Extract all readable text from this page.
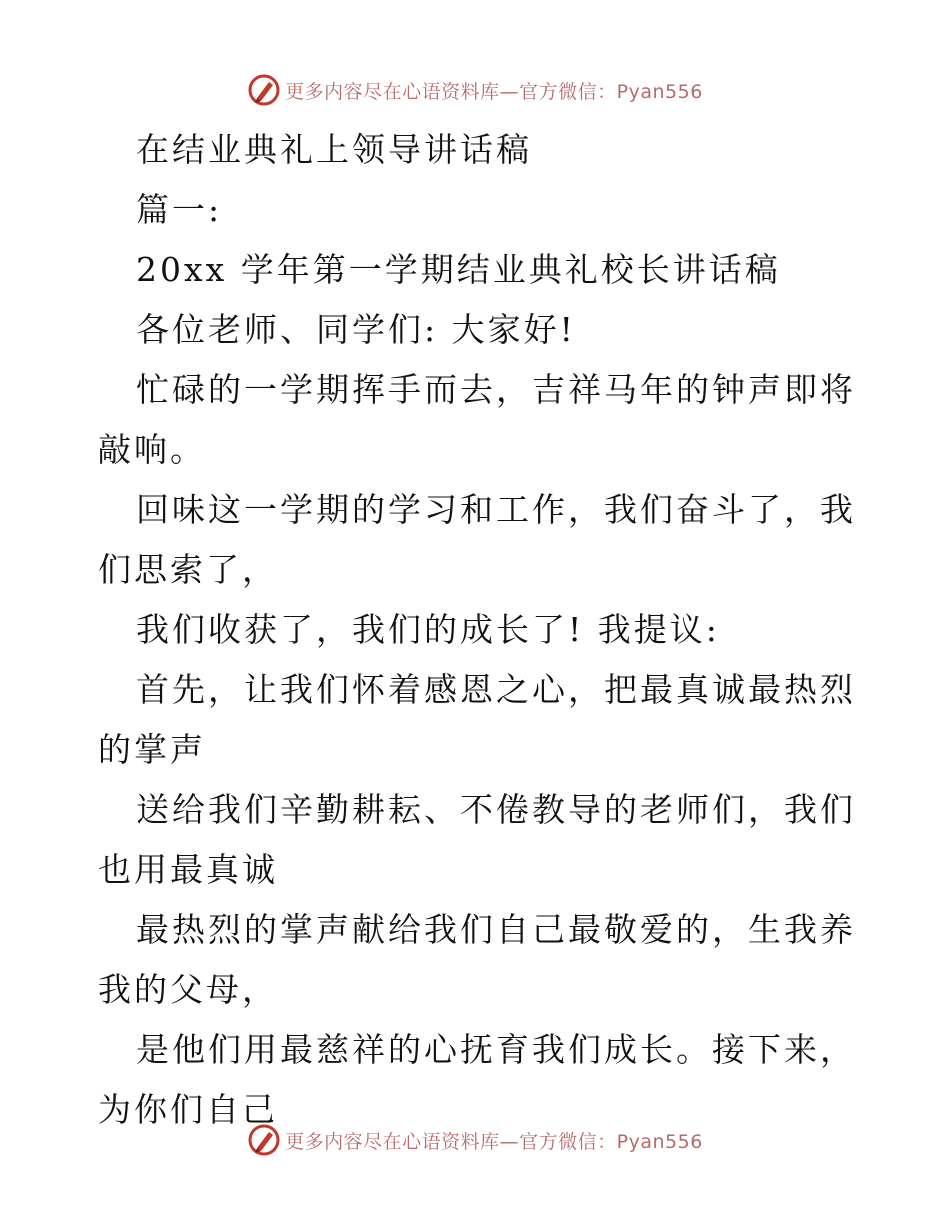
更多内容尽在心语资料库—官方微信：Pyan556

在结业典礼上领导讲话稿

篇一:

20xx 学年第一学期结业典礼校长讲话稿

各位老师、同学们: 大家好!

忙碌的一学期挥手而去，吉祥马年的钟声即将敲响。

回味这一学期的学习和工作，我们奋斗了，我们思索了，

我们收获了，我们的成长了! 我提议:

首先，让我们怀着感恩之心，把最真诚最热烈的掌声

送给我们辛勤耕耘、不倦教导的老师们，我们也用最真诚

最热烈的掌声献给我们自己最敬爱的，生我养我的父母，

是他们用最慈祥的心抚育我们成长。接下来，为你们自己

更多内容尽在心语资料库—官方微信：Pyan556
